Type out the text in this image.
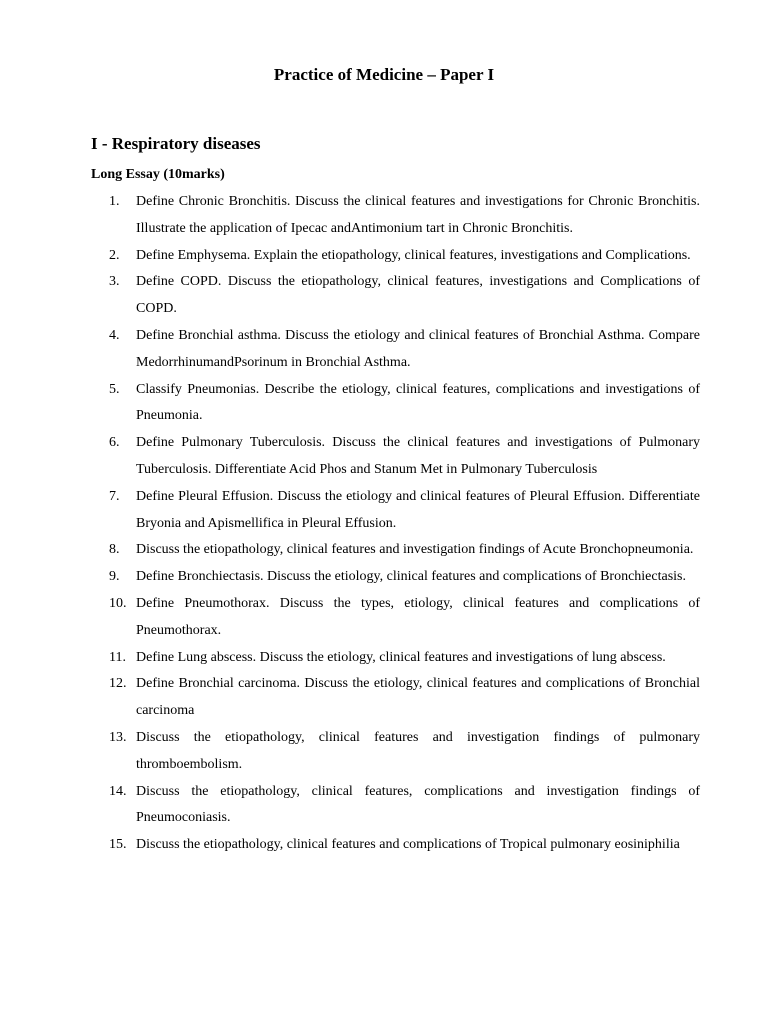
Practice of Medicine – Paper I
I - Respiratory diseases
Long Essay (10marks)
1.	Define Chronic Bronchitis. Discuss the clinical features and investigations for Chronic Bronchitis. Illustrate the application of Ipecac andAntimonium tart in Chronic Bronchitis.
2.	Define Emphysema. Explain the etiopathology, clinical features, investigations and Complications.
3.	Define COPD. Discuss the etiopathology, clinical features, investigations and Complications of COPD.
4.	Define Bronchial asthma. Discuss the etiology and clinical features of Bronchial Asthma. Compare MedorrhinumandPsorinum in Bronchial Asthma.
5.	Classify Pneumonias. Describe the etiology, clinical features, complications and investigations of Pneumonia.
6.	Define Pulmonary Tuberculosis. Discuss the clinical features and investigations of Pulmonary Tuberculosis. Differentiate Acid Phos and Stanum Met in Pulmonary Tuberculosis
7.	Define Pleural Effusion. Discuss the etiology and clinical features of Pleural Effusion. Differentiate Bryonia and Apismellifica in Pleural Effusion.
8.	Discuss the etiopathology, clinical features and investigation findings of Acute Bronchopneumonia.
9.	Define Bronchiectasis. Discuss the etiology, clinical features and complications of Bronchiectasis.
10. Define Pneumothorax. Discuss the types, etiology, clinical features and complications of Pneumothorax.
11. Define Lung abscess. Discuss the etiology, clinical features and investigations of lung abscess.
12. Define Bronchial carcinoma. Discuss the etiology, clinical features and complications of Bronchial carcinoma
13. Discuss the etiopathology, clinical features and investigation findings of pulmonary thromboembolism.
14. Discuss the etiopathology, clinical features, complications and investigation findings of Pneumoconiasis.
15. Discuss the etiopathology, clinical features and complications of Tropical pulmonary eosiniphilia
